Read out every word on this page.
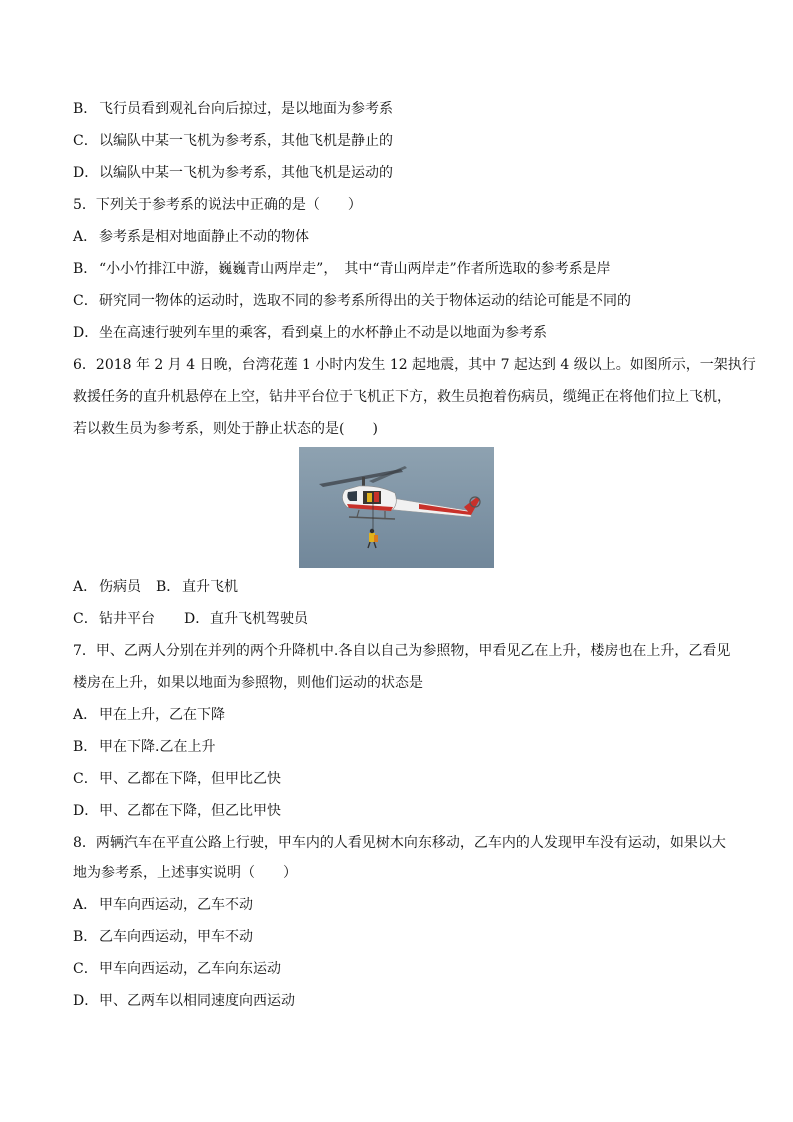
B． 飞行员看到观礼台向后掠过，是以地面为参考系
C．以编队中某一飞机为参考系，其他飞机是静止的
D．以编队中某一飞机为参考系，其他飞机是运动的
5．下列关于参考系的说法中正确的是（　　）
A． 参考系是相对地面静止不动的物体
B． “小小竹排江中游，巍巍青山两岸走”，　其中“青山两岸走”作者所选取的参考系是岸
C．研究同一物体的运动时，选取不同的参考系所得出的关于物体运动的结论可能是不同的
D．坐在高速行驶列车里的乘客，看到桌上的水杯静止不动是以地面为参考系
6．2018 年 2 月 4 日晚，台湾花莲 1 小时内发生 12 起地震，其中 7 起达到 4 级以上。如图所示，一架执行
救援任务的直升机悬停在上空，钻井平台位于飞机正下方，救生员抱着伤病员，缆绳正在将他们拉上飞机，
若以救生员为参考系，则处于静止状态的是(　　)
A． 伤病员 B． 直升飞机
C．钻井平台 D．直升飞机驾驶员
7．甲、乙两人分别在并列的两个升降机中.各自以自己为参照物，甲看见乙在上升，楼房也在上升，乙看见
楼房在上升，如果以地面为参照物，则他们运动的状态是
A． 甲在上升，乙在下降
B． 甲在下降.乙在上升
C．甲、乙都在下降，但甲比乙快
D．甲、乙都在下降，但乙比甲快
8．两辆汽车在平直公路上行驶，甲车内的人看见树木向东移动，乙车内的人发现甲车没有运动，如果以大
地为参考系，上述事实说明（　　）
A． 甲车向西运动，乙车不动
B． 乙车向西运动，甲车不动
C．甲车向西运动，乙车向东运动
D．甲、乙两车以相同速度向西运动
